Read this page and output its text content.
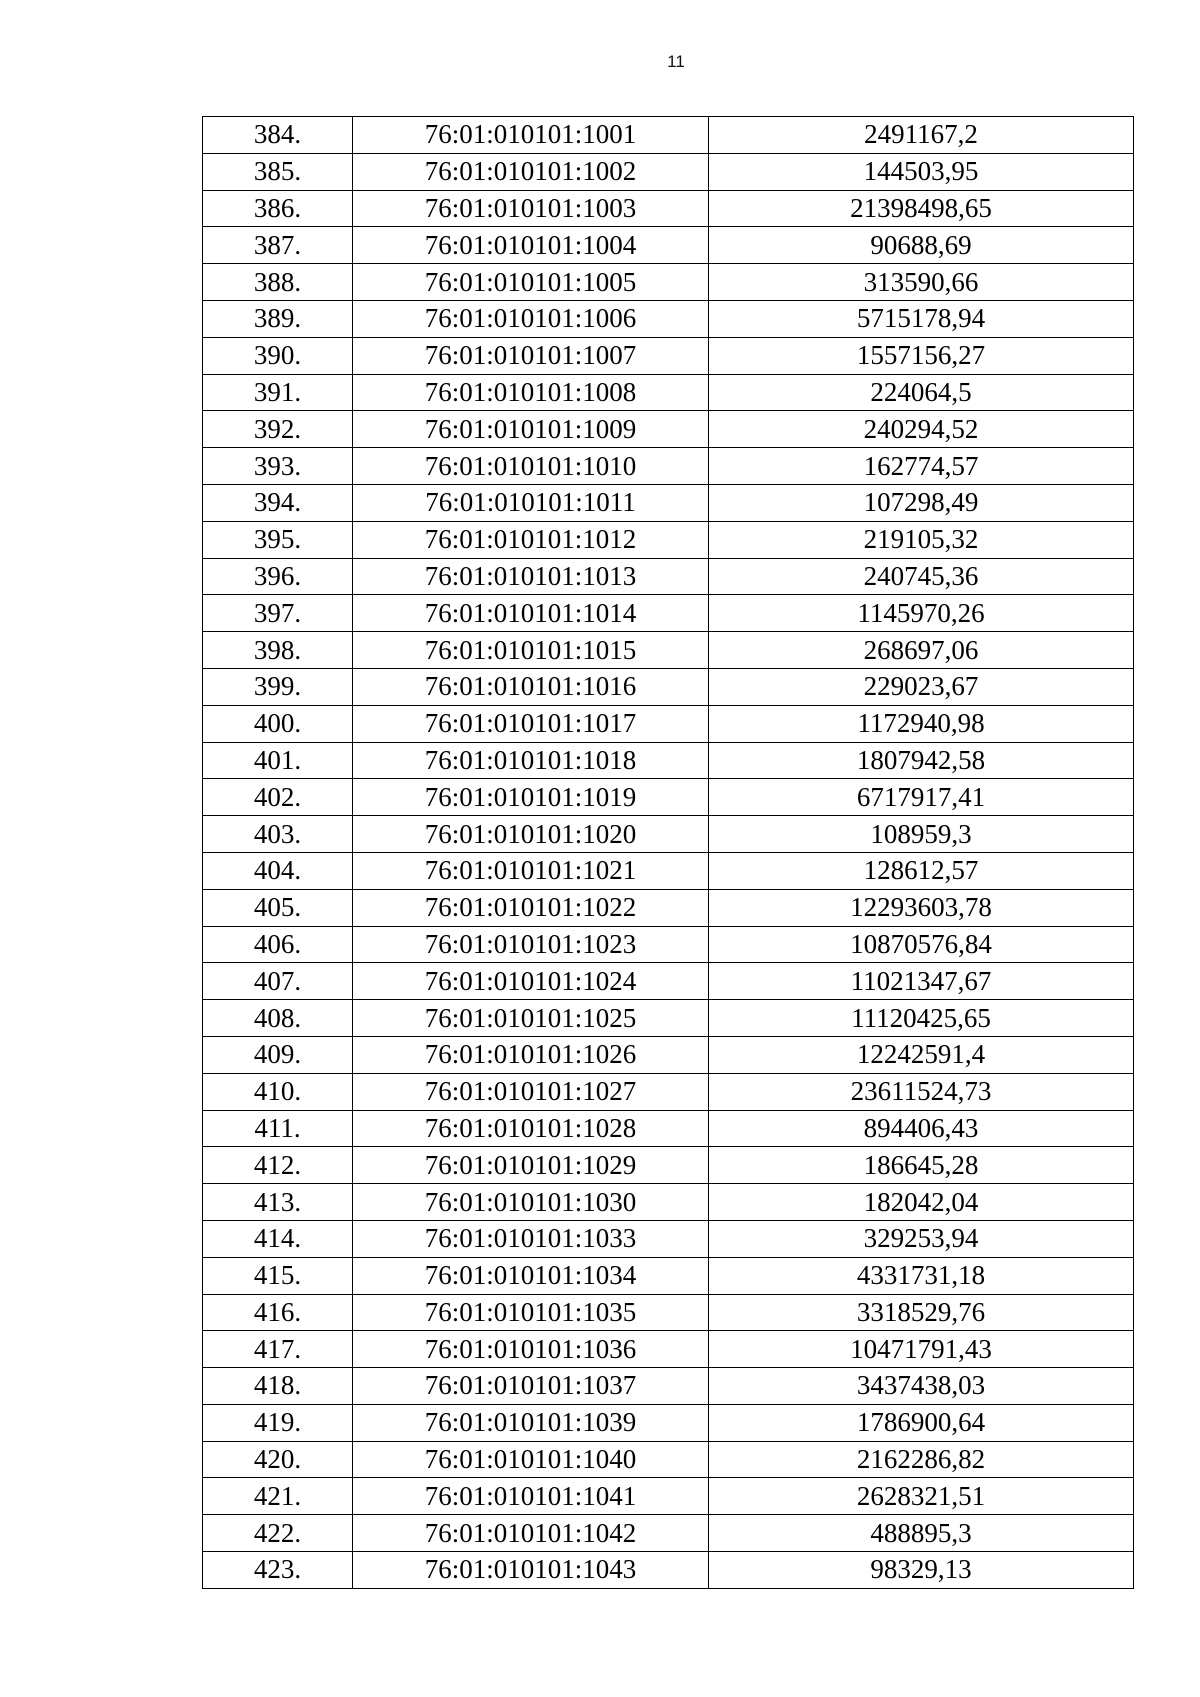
11
384.	76:01:010101:1001	2491167,2
385.	76:01:010101:1002	144503,95
386.	76:01:010101:1003	21398498,65
387.	76:01:010101:1004	90688,69
388.	76:01:010101:1005	313590,66
389.	76:01:010101:1006	5715178,94
390.	76:01:010101:1007	1557156,27
391.	76:01:010101:1008	224064,5
392.	76:01:010101:1009	240294,52
393.	76:01:010101:1010	162774,57
394.	76:01:010101:1011	107298,49
395.	76:01:010101:1012	219105,32
396.	76:01:010101:1013	240745,36
397.	76:01:010101:1014	1145970,26
398.	76:01:010101:1015	268697,06
399.	76:01:010101:1016	229023,67
400.	76:01:010101:1017	1172940,98
401.	76:01:010101:1018	1807942,58
402.	76:01:010101:1019	6717917,41
403.	76:01:010101:1020	108959,3
404.	76:01:010101:1021	128612,57
405.	76:01:010101:1022	12293603,78
406.	76:01:010101:1023	10870576,84
407.	76:01:010101:1024	11021347,67
408.	76:01:010101:1025	11120425,65
409.	76:01:010101:1026	12242591,4
410.	76:01:010101:1027	23611524,73
411.	76:01:010101:1028	894406,43
412.	76:01:010101:1029	186645,28
413.	76:01:010101:1030	182042,04
414.	76:01:010101:1033	329253,94
415.	76:01:010101:1034	4331731,18
416.	76:01:010101:1035	3318529,76
417.	76:01:010101:1036	10471791,43
418.	76:01:010101:1037	3437438,03
419.	76:01:010101:1039	1786900,64
420.	76:01:010101:1040	2162286,82
421.	76:01:010101:1041	2628321,51
422.	76:01:010101:1042	488895,3
423.	76:01:010101:1043	98329,13
